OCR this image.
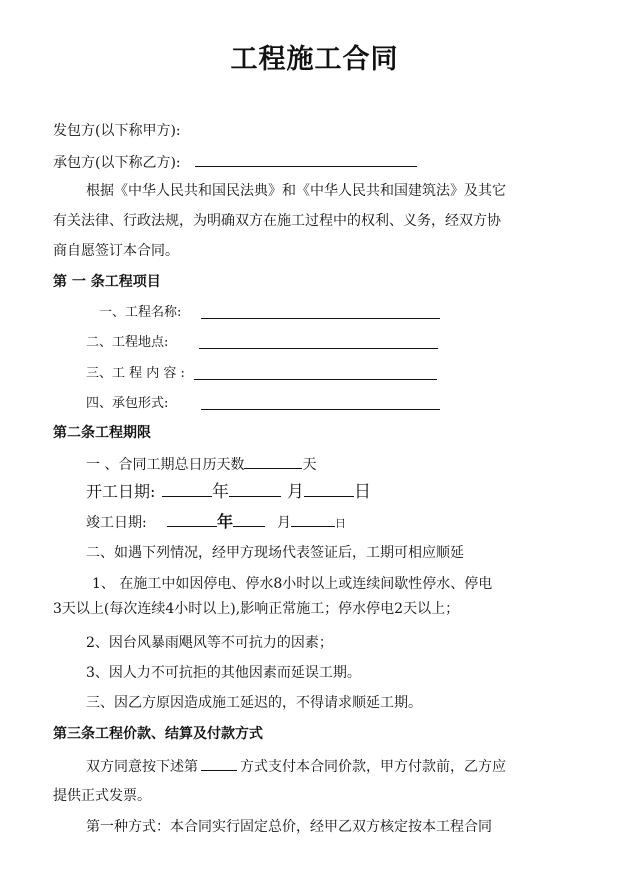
工程施工合同
发包方(以下称甲方):
承包方(以下称乙方):
根据《中华人民共和国民法典》和《中华人民共和国建筑法》及其它
有关法律、行政法规，为明确双方在施工过程中的权利、义务，经双方协
商自愿签订本合同。
第 一 条工程项目
一、工程名称:
二、工程地点:
三、工 程 内 容 :
四、承包形式:
第二条工程期限
一 、合同工期总日历天数	天
开工日期:	年	月	日
竣工日期:	年	月	日
二、如遇下列情况，经甲方现场代表签证后，工期可相应顺延
1、 在施工中如因停电、停水8小时以上或连续间歇性停水、停电
3天以上(每次连续4小时以上),影响正常施工；停水停电2天以上；
2、因台风暴雨飓风等不可抗力的因素；
3、因人力不可抗拒的其他因素而延误工期。
三、因乙方原因造成施工延迟的，不得请求顺延工期。
第三条工程价款、结算及付款方式
双方同意按下述第	方式支付本合同价款，甲方付款前，乙方应
提供正式发票。
第一种方式：本合同实行固定总价，经甲乙双方核定按本工程合同
